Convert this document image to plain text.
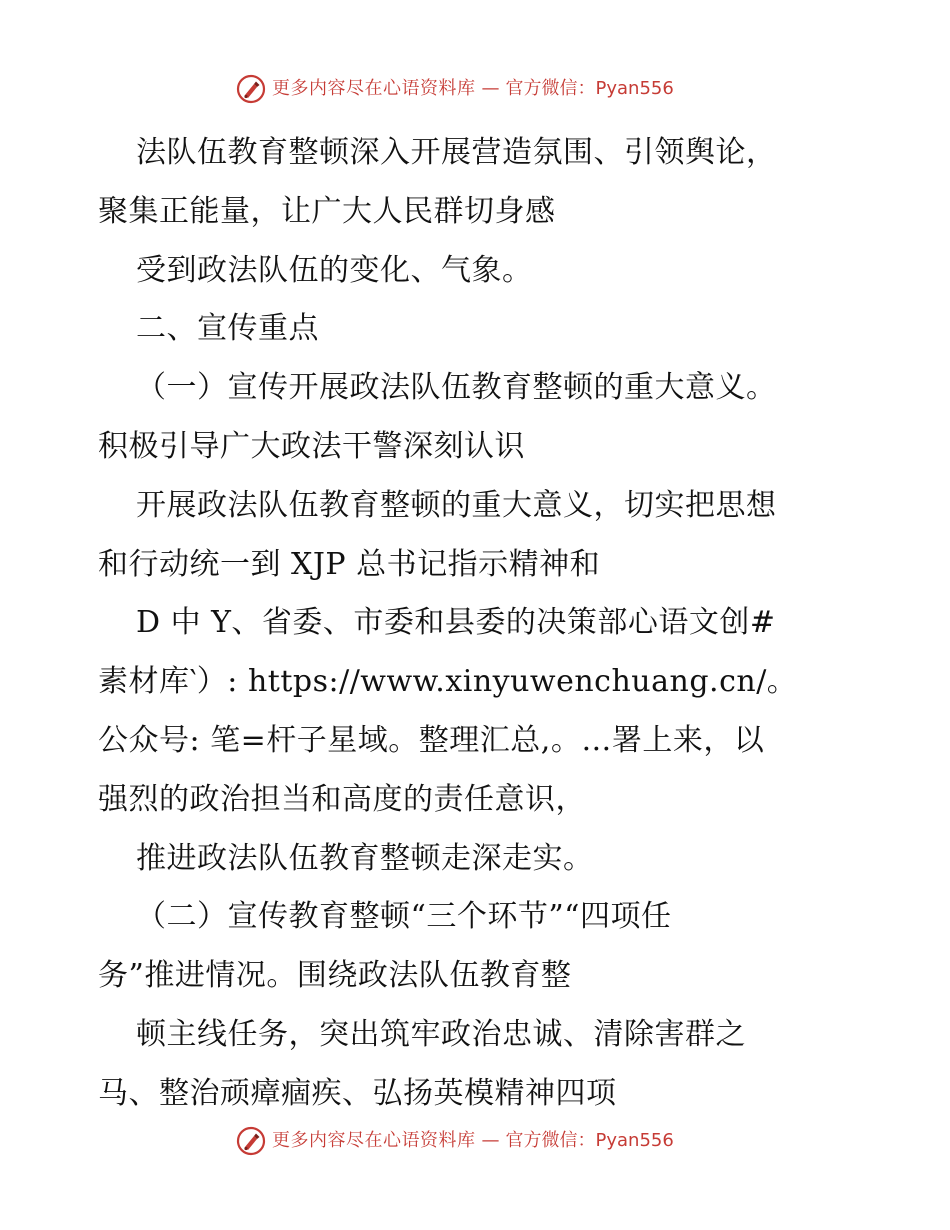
更多内容尽在心语资料库 — 官方微信：Pyan556
法队伍教育整顿深入开展营造氛围、引领舆论，
聚集正能量，让广大人民群切身感
受到政法队伍的变化、气象。
二、宣传重点
（一）宣传开展政法队伍教育整顿的重大意义。
积极引导广大政法干警深刻认识
开展政法队伍教育整顿的重大意义，切实把思想
和行动统一到 XJP 总书记指示精神和
D 中 Y、省委、市委和县委的决策部心语文创#
素材库‵）: https://www.xinyuwenchuang.cn/。
公众号: 笔=杆子星域。整理汇总,。…署上来，以
强烈的政治担当和高度的责任意识，
推进政法队伍教育整顿走深走实。
（二）宣传教育整顿“三个环节”“四项任
务”推进情况。围绕政法队伍教育整
顿主线任务，突出筑牢政治忠诚、清除害群之
马、整治顽瘴痼疾、弘扬英模精神四项
更多内容尽在心语资料库 — 官方微信：Pyan556
